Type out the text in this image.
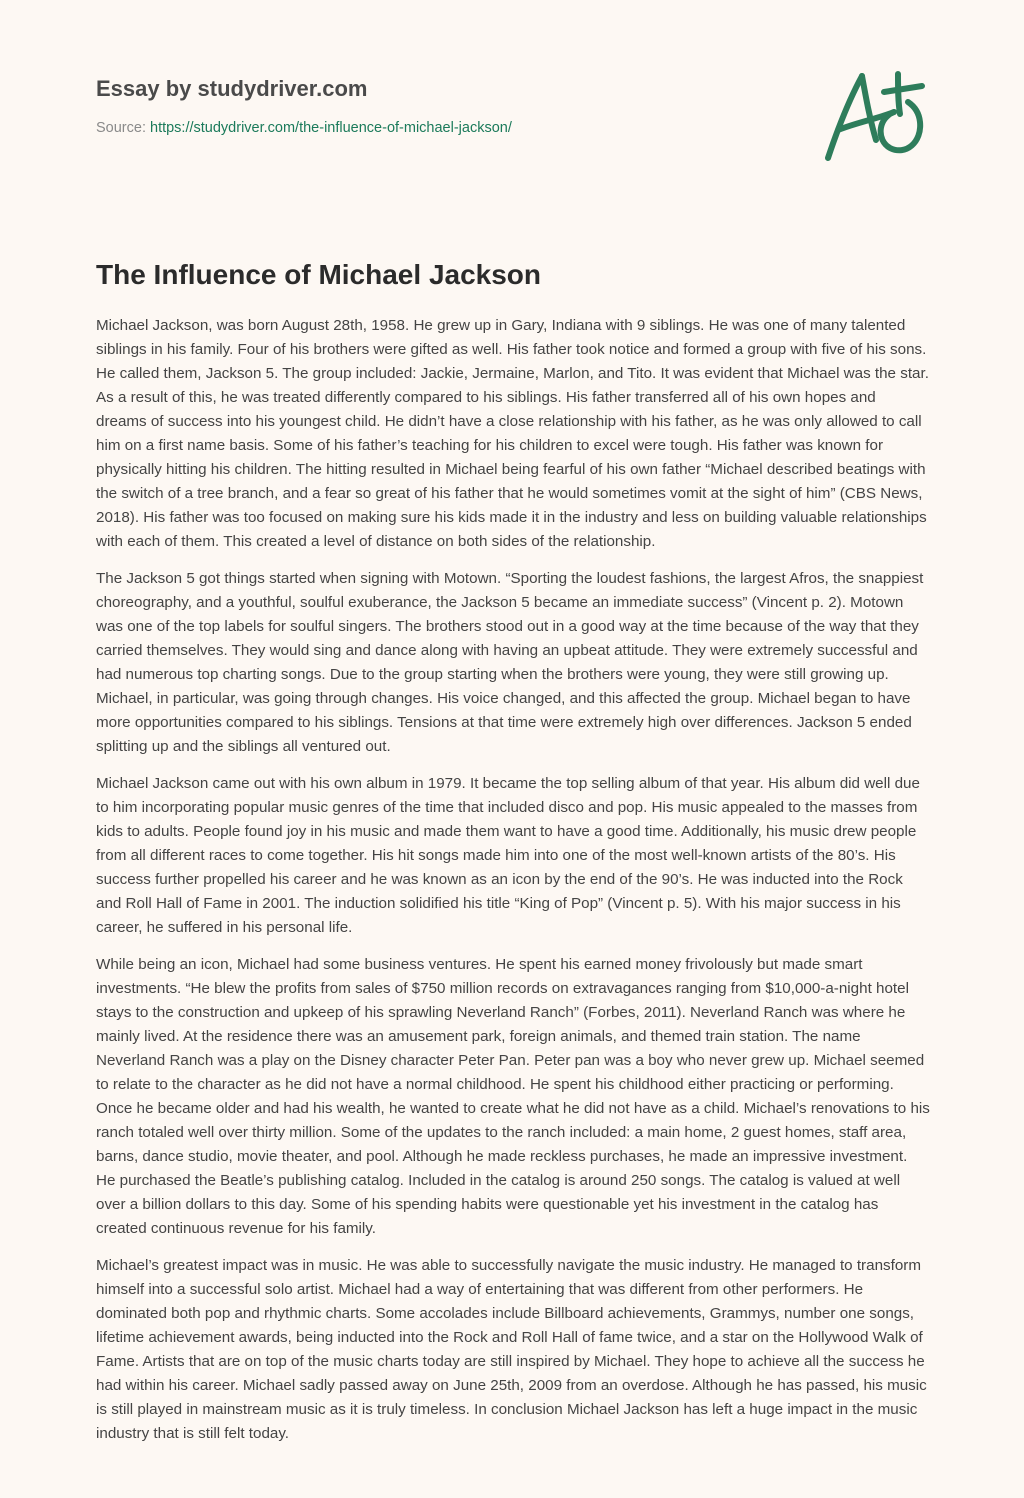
Essay by studydriver.com
Source: https://studydriver.com/the-influence-of-michael-jackson/
The Influence of Michael Jackson

Michael Jackson, was born August 28th, 1958. He grew up in Gary, Indiana with 9 siblings. He was one of many talented siblings in his family. Four of his brothers were gifted as well. His father took notice and formed a group with five of his sons. He called them, Jackson 5. The group included: Jackie, Jermaine, Marlon, and Tito. It was evident that Michael was the star. As a result of this, he was treated differently compared to his siblings. His father transferred all of his own hopes and dreams of success into his youngest child. He didn’t have a close relationship with his father, as he was only allowed to call him on a first name basis. Some of his father’s teaching for his children to excel were tough. His father was known for physically hitting his children. The hitting resulted in Michael being fearful of his own father “Michael described beatings with the switch of a tree branch, and a fear so great of his father that he would sometimes vomit at the sight of him” (CBS News, 2018). His father was too focused on making sure his kids made it in the industry and less on building valuable relationships with each of them. This created a level of distance on both sides of the relationship.

The Jackson 5 got things started when signing with Motown. “Sporting the loudest fashions, the largest Afros, the snappiest choreography, and a youthful, soulful exuberance, the Jackson 5 became an immediate success” (Vincent p. 2). Motown was one of the top labels for soulful singers. The brothers stood out in a good way at the time because of the way that they carried themselves. They would sing and dance along with having an upbeat attitude. They were extremely successful and had numerous top charting songs. Due to the group starting when the brothers were young, they were still growing up. Michael, in particular, was going through changes. His voice changed, and this affected the group. Michael began to have more opportunities compared to his siblings. Tensions at that time were extremely high over differences. Jackson 5 ended splitting up and the siblings all ventured out.

Michael Jackson came out with his own album in 1979. It became the top selling album of that year. His album did well due to him incorporating popular music genres of the time that included disco and pop. His music appealed to the masses from kids to adults. People found joy in his music and made them want to have a good time. Additionally, his music drew people from all different races to come together. His hit songs made him into one of the most well-known artists of the 80’s. His success further propelled his career and he was known as an icon by the end of the 90’s. He was inducted into the Rock and Roll Hall of Fame in 2001. The induction solidified his title “King of Pop” (Vincent p. 5). With his major success in his career, he suffered in his personal life.

While being an icon, Michael had some business ventures. He spent his earned money frivolously but made smart investments. “He blew the profits from sales of $750 million records on extravagances ranging from $10,000-a-night hotel stays to the construction and upkeep of his sprawling Neverland Ranch” (Forbes, 2011). Neverland Ranch was where he mainly lived. At the residence there was an amusement park, foreign animals, and themed train station. The name Neverland Ranch was a play on the Disney character Peter Pan. Peter pan was a boy who never grew up. Michael seemed to relate to the character as he did not have a normal childhood. He spent his childhood either practicing or performing. Once he became older and had his wealth, he wanted to create what he did not have as a child. Michael’s renovations to his ranch totaled well over thirty million. Some of the updates to the ranch included: a main home, 2 guest homes, staff area, barns, dance studio, movie theater, and pool. Although he made reckless purchases, he made an impressive investment. He purchased the Beatle’s publishing catalog. Included in the catalog is around 250 songs. The catalog is valued at well over a billion dollars to this day. Some of his spending habits were questionable yet his investment in the catalog has created continuous revenue for his family.

Michael’s greatest impact was in music. He was able to successfully navigate the music industry. He managed to transform himself into a successful solo artist. Michael had a way of entertaining that was different from other performers. He dominated both pop and rhythmic charts. Some accolades include Billboard achievements, Grammys, number one songs, lifetime achievement awards, being inducted into the Rock and Roll Hall of fame twice, and a star on the Hollywood Walk of Fame. Artists that are on top of the music charts today are still inspired by Michael. They hope to achieve all the success he had within his career. Michael sadly passed away on June 25th, 2009 from an overdose. Although he has passed, his music is still played in mainstream music as it is truly timeless. In conclusion Michael Jackson has left a huge impact in the music industry that is still felt today.
